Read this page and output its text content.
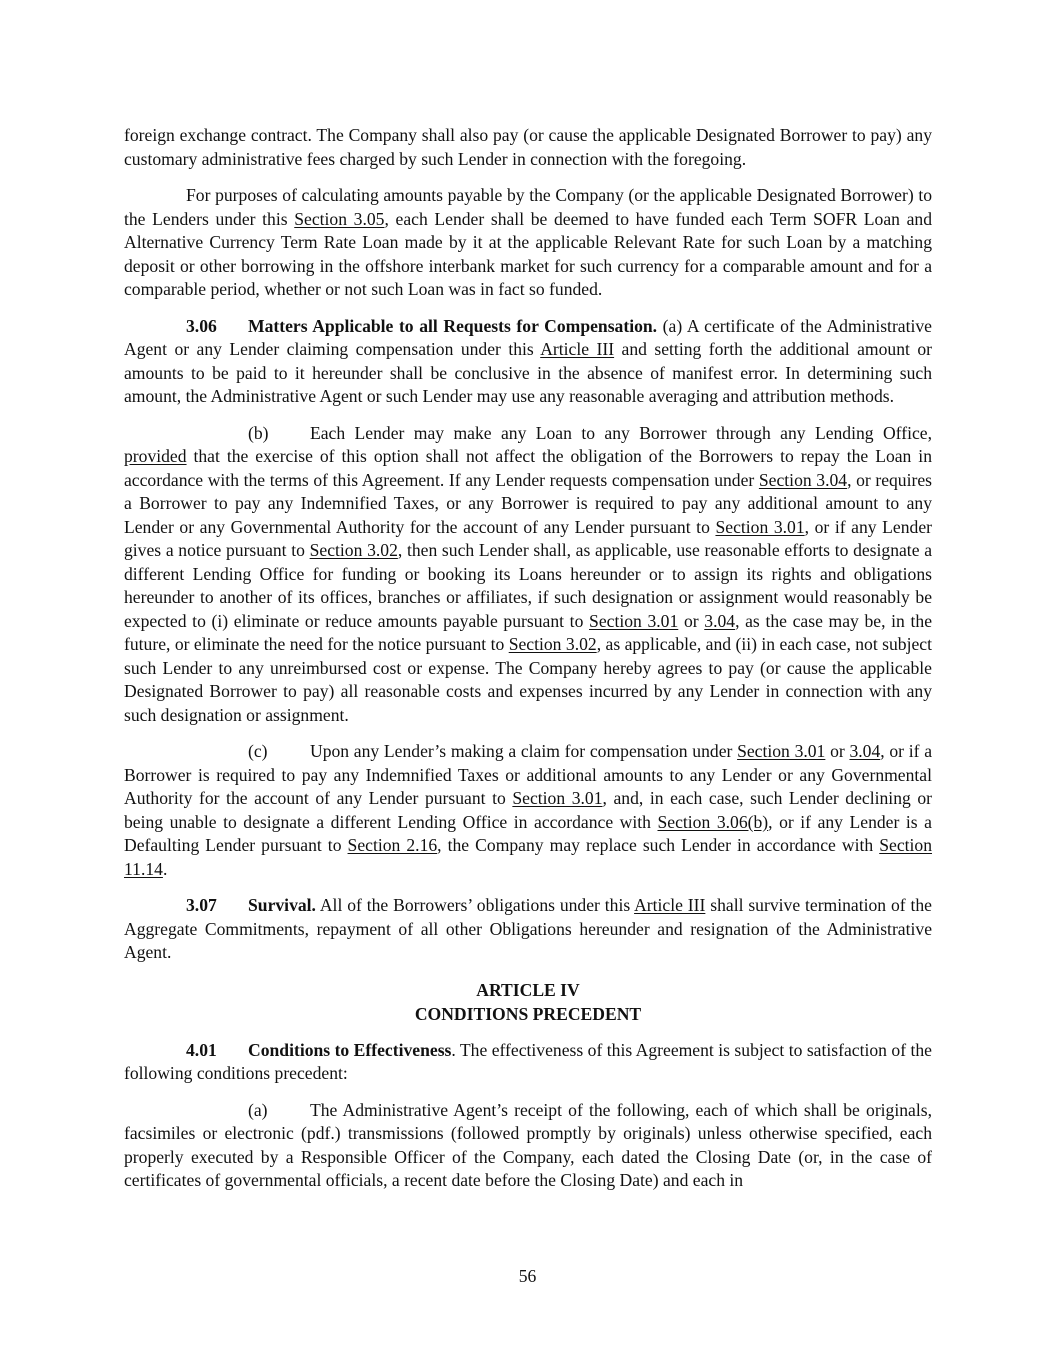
foreign exchange contract. The Company shall also pay (or cause the applicable Designated Borrower to pay) any customary administrative fees charged by such Lender in connection with the foregoing.

For purposes of calculating amounts payable by the Company (or the applicable Designated Borrower) to the Lenders under this Section 3.05, each Lender shall be deemed to have funded each Term SOFR Loan and Alternative Currency Term Rate Loan made by it at the applicable Relevant Rate for such Loan by a matching deposit or other borrowing in the offshore interbank market for such currency for a comparable amount and for a comparable period, whether or not such Loan was in fact so funded.

3.06 Matters Applicable to all Requests for Compensation. (a) A certificate of the Administrative Agent or any Lender claiming compensation under this Article III and setting forth the additional amount or amounts to be paid to it hereunder shall be conclusive in the absence of manifest error. In determining such amount, the Administrative Agent or such Lender may use any reasonable averaging and attribution methods.

(b) Each Lender may make any Loan to any Borrower through any Lending Office, provided that the exercise of this option shall not affect the obligation of the Borrowers to repay the Loan in accordance with the terms of this Agreement. If any Lender requests compensation under Section 3.04, or requires a Borrower to pay any Indemnified Taxes, or any Borrower is required to pay any additional amount to any Lender or any Governmental Authority for the account of any Lender pursuant to Section 3.01, or if any Lender gives a notice pursuant to Section 3.02, then such Lender shall, as applicable, use reasonable efforts to designate a different Lending Office for funding or booking its Loans hereunder or to assign its rights and obligations hereunder to another of its offices, branches or affiliates, if such designation or assignment would reasonably be expected to (i) eliminate or reduce amounts payable pursuant to Section 3.01 or 3.04, as the case may be, in the future, or eliminate the need for the notice pursuant to Section 3.02, as applicable, and (ii) in each case, not subject such Lender to any unreimbursed cost or expense. The Company hereby agrees to pay (or cause the applicable Designated Borrower to pay) all reasonable costs and expenses incurred by any Lender in connection with any such designation or assignment.

(c) Upon any Lender’s making a claim for compensation under Section 3.01 or 3.04, or if a Borrower is required to pay any Indemnified Taxes or additional amounts to any Lender or any Governmental Authority for the account of any Lender pursuant to Section 3.01, and, in each case, such Lender declining or being unable to designate a different Lending Office in accordance with Section 3.06(b), or if any Lender is a Defaulting Lender pursuant to Section 2.16, the Company may replace such Lender in accordance with Section 11.14.

3.07 Survival. All of the Borrowers’ obligations under this Article III shall survive termination of the Aggregate Commitments, repayment of all other Obligations hereunder and resignation of the Administrative Agent.

ARTICLE IV
CONDITIONS PRECEDENT

4.01 Conditions to Effectiveness. The effectiveness of this Agreement is subject to satisfaction of the following conditions precedent:

(a) The Administrative Agent’s receipt of the following, each of which shall be originals, facsimiles or electronic (pdf.) transmissions (followed promptly by originals) unless otherwise specified, each properly executed by a Responsible Officer of the Company, each dated the Closing Date (or, in the case of certificates of governmental officials, a recent date before the Closing Date) and each in

56
